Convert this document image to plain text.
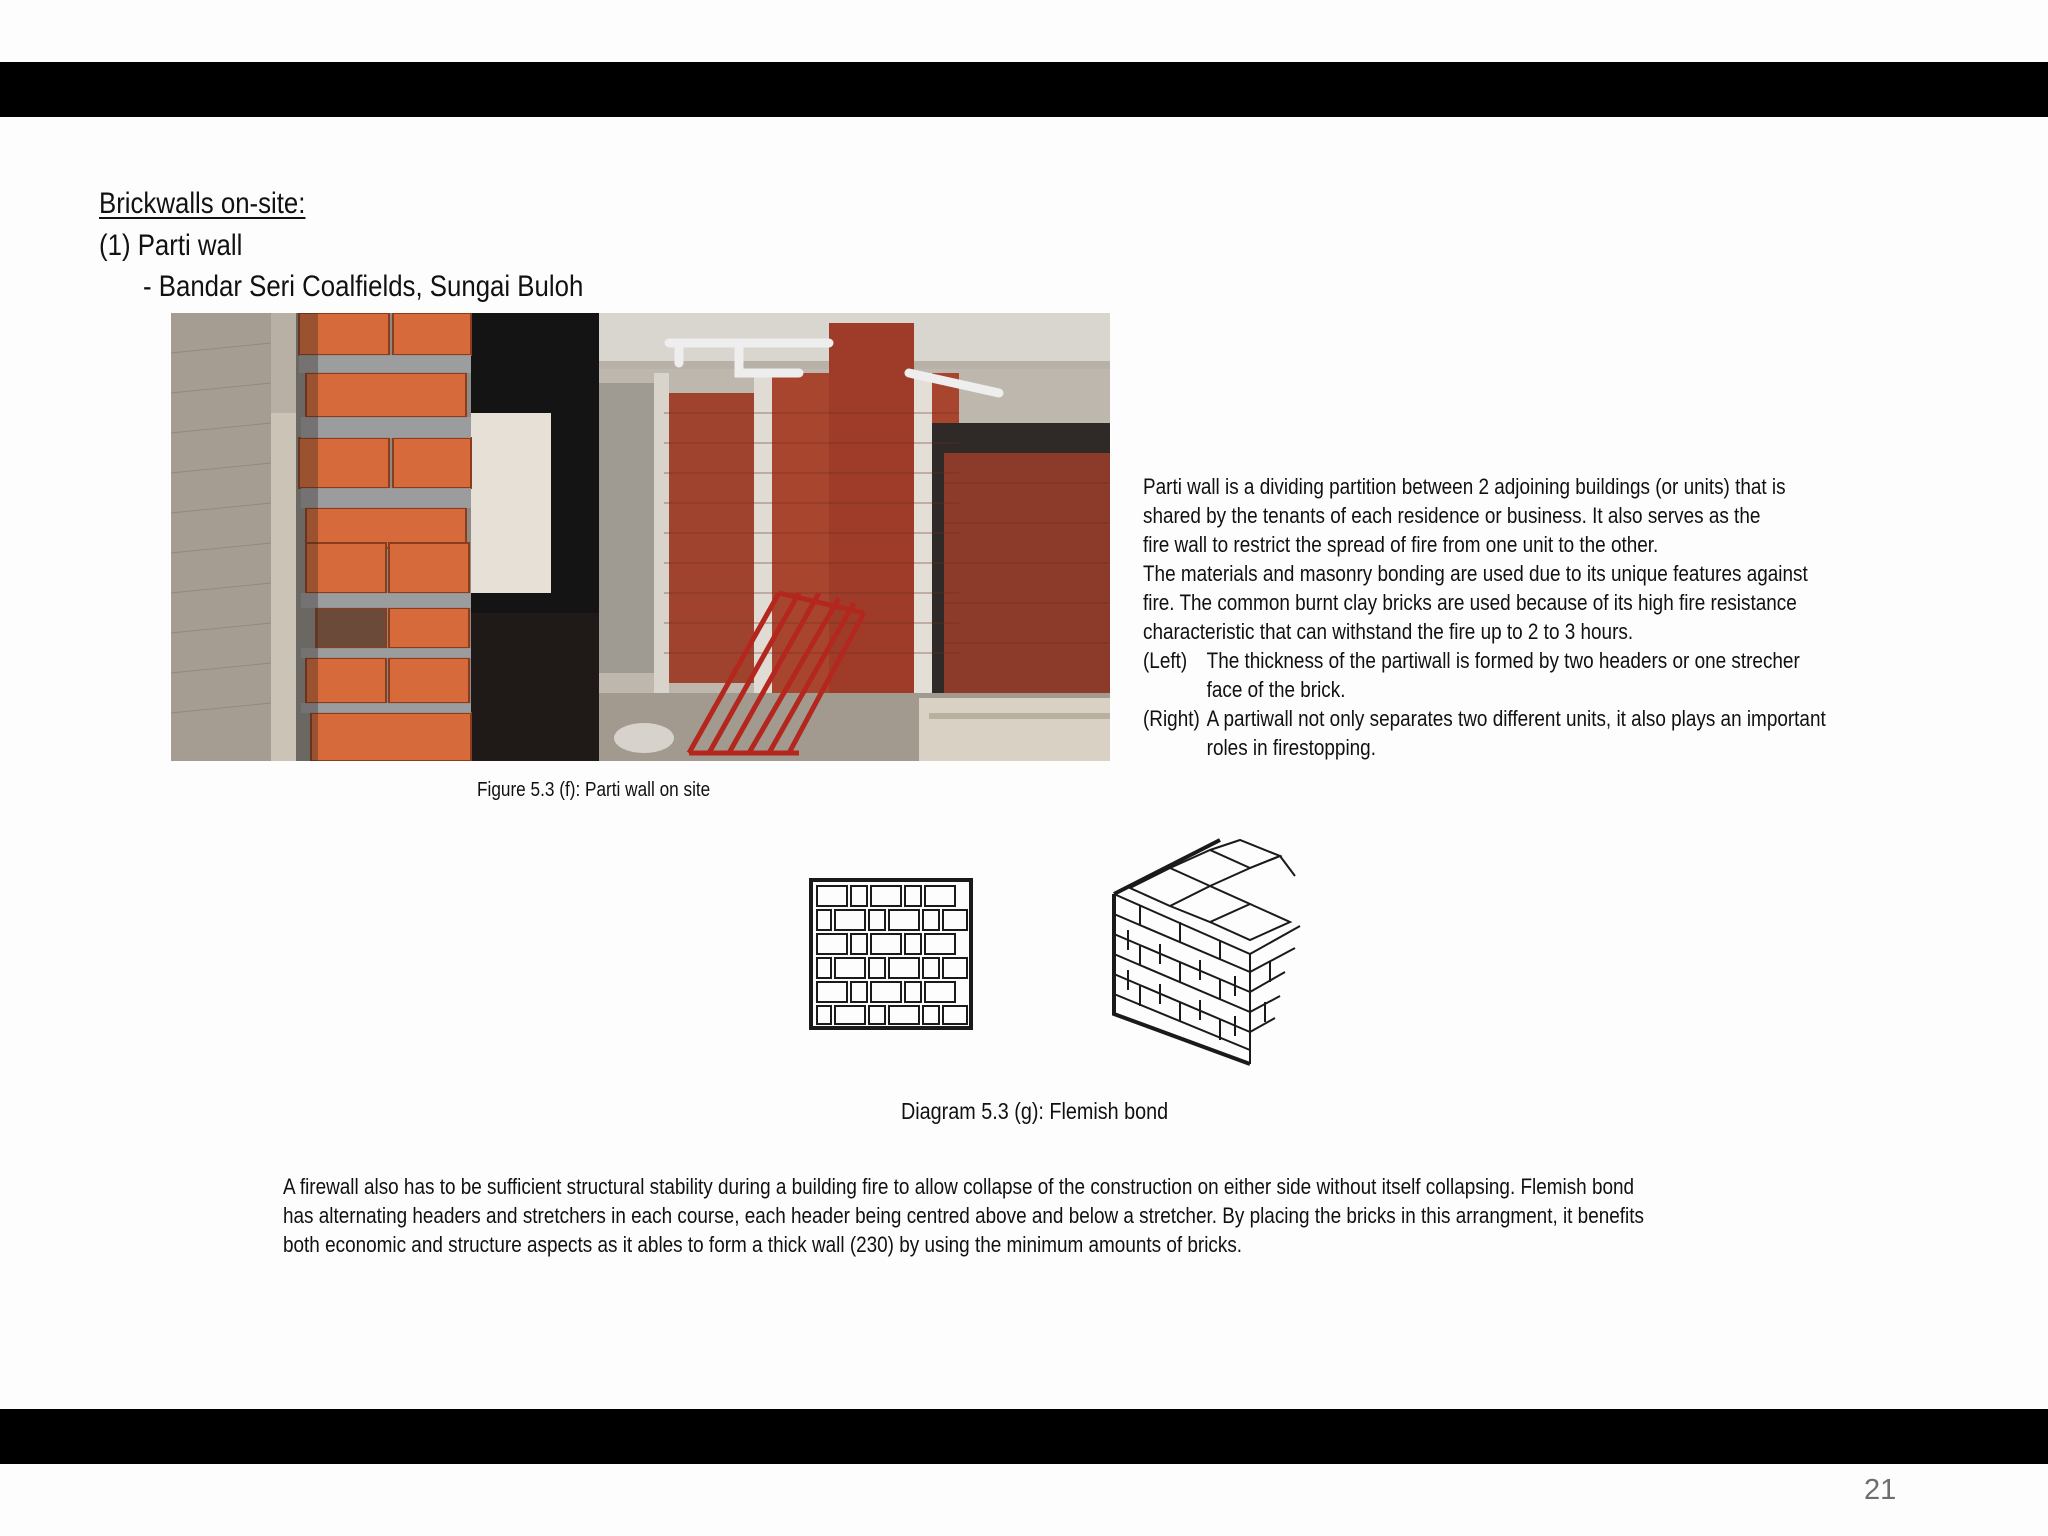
Brickwalls on-site:
(1) Parti wall
- Bandar Seri Coalfields, Sungai Buloh
Figure 5.3 (f): Parti wall on site

Parti wall is a dividing partition between 2 adjoining buildings (or units) that is

shared by the tenants of each residence or business. It also serves as the

fire wall to restrict the spread of fire from one unit to the other.

The materials and masonry bonding are used due to its unique features against

fire. The common burnt clay bricks are used because of its high fire resistance

characteristic that can withstand the fire up to 2 to 3 hours.

(Left) The thickness of the partiwall is formed by two headers or one strecher

face of the brick.

(Right) A partiwall not only separates two different units, it also plays an important

roles in firestopping.

Diagram 5.3 (g): Flemish bond

A firewall also has to be sufficient structural stability during a building fire to allow collapse of the construction on either side without itself collapsing. Flemish bond

has alternating headers and stretchers in each course, each header being centred above and below a stretcher. By placing the bricks in this arrangment, it benefits

both economic and structure aspects as it ables to form a thick wall (230) by using the minimum amounts of bricks.

21
